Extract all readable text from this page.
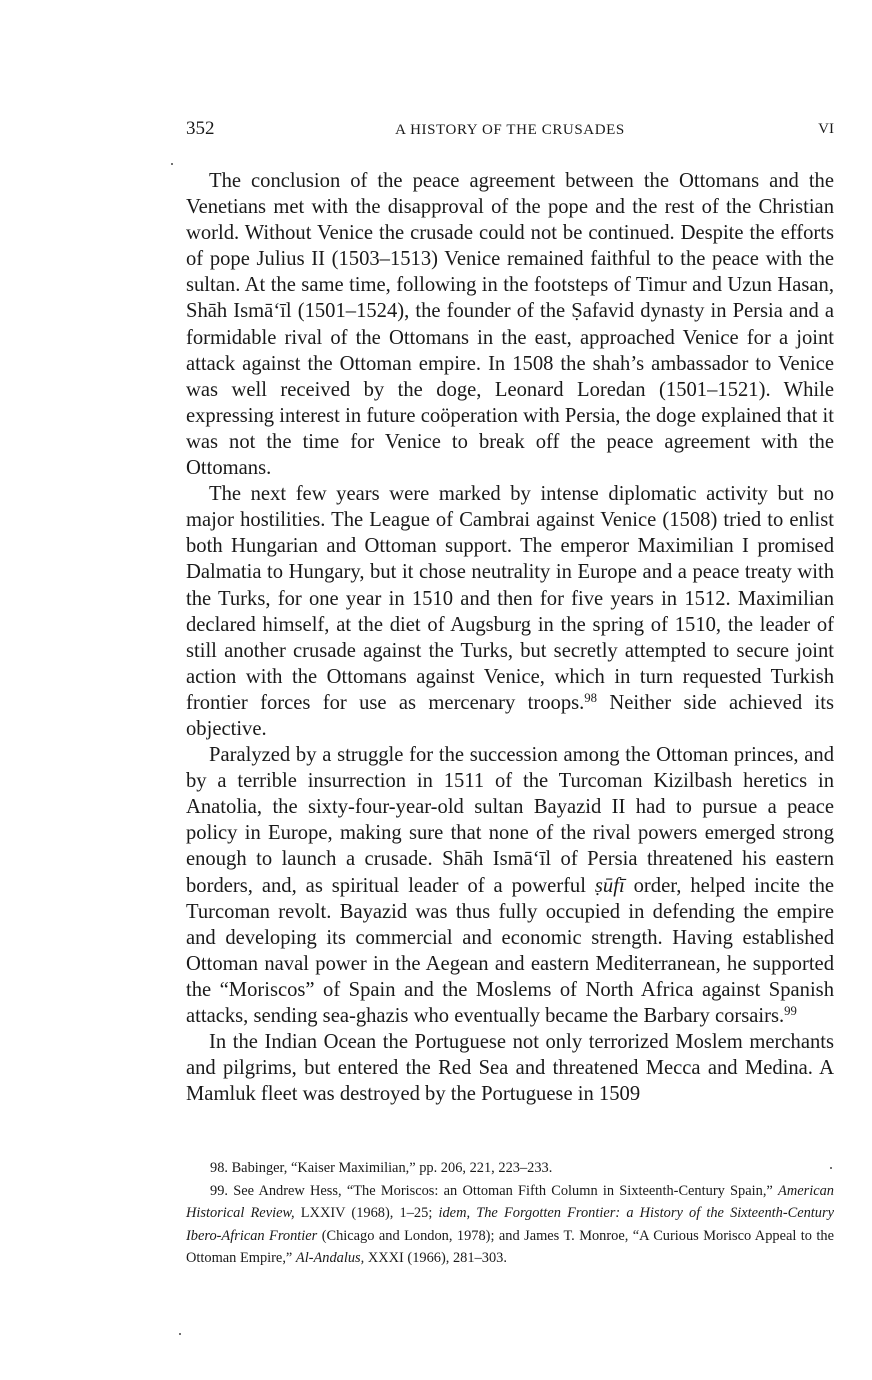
352	A HISTORY OF THE CRUSADES	VI

The conclusion of the peace agreement between the Ottomans and the Venetians met with the disapproval of the pope and the rest of the Christian world. Without Venice the crusade could not be continued. Despite the efforts of pope Julius II (1503–1513) Venice remained faithful to the peace with the sultan. At the same time, following in the footsteps of Timur and Uzun Hasan, Shāh Ismā‘īl (1501–1524), the founder of the Ṣafavid dynasty in Persia and a formidable rival of the Ottomans in the east, approached Venice for a joint attack against the Ottoman empire. In 1508 the shah’s ambassador to Venice was well received by the doge, Leonard Loredan (1501–1521). While expressing interest in future coöperation with Persia, the doge explained that it was not the time for Venice to break off the peace agreement with the Ottomans.

The next few years were marked by intense diplomatic activity but no major hostilities. The League of Cambrai against Venice (1508) tried to enlist both Hungarian and Ottoman support. The emperor Maximilian I promised Dalmatia to Hungary, but it chose neutrality in Europe and a peace treaty with the Turks, for one year in 1510 and then for five years in 1512. Maximilian declared himself, at the diet of Augsburg in the spring of 1510, the leader of still another crusade against the Turks, but secretly attempted to secure joint action with the Ottomans against Venice, which in turn requested Turkish frontier forces for use as mercenary troops.$^{98}$ Neither side achieved its objective.

Paralyzed by a struggle for the succession among the Ottoman princes, and by a terrible insurrection in 1511 of the Turcoman Kizilbash heretics in Anatolia, the sixty-four-year-old sultan Bayazid II had to pursue a peace policy in Europe, making sure that none of the rival powers emerged strong enough to launch a crusade. Shāh Ismā‘īl of Persia threatened his eastern borders, and, as spiritual leader of a powerful ṣūfī order, helped incite the Turcoman revolt. Bayazid was thus fully occupied in defending the empire and developing its commercial and economic strength. Having established Ottoman naval power in the Aegean and eastern Mediterranean, he supported the “Moriscos” of Spain and the Moslems of North Africa against Spanish attacks, sending sea-ghazis who eventually became the Barbary corsairs.$^{99}$

In the Indian Ocean the Portuguese not only terrorized Moslem merchants and pilgrims, but entered the Red Sea and threatened Mecca and Medina. A Mamluk fleet was destroyed by the Portuguese in 1509

98. Babinger, “Kaiser Maximilian,” pp. 206, 221, 223–233.

99. See Andrew Hess, “The Moriscos: an Ottoman Fifth Column in Sixteenth-Century Spain,” American Historical Review, LXXIV (1968), 1–25; idem, The Forgotten Frontier: a History of the Sixteenth-Century Ibero-African Frontier (Chicago and London, 1978); and James T. Monroe, “A Curious Morisco Appeal to the Ottoman Empire,” Al-Andalus, XXXI (1966), 281–303.
